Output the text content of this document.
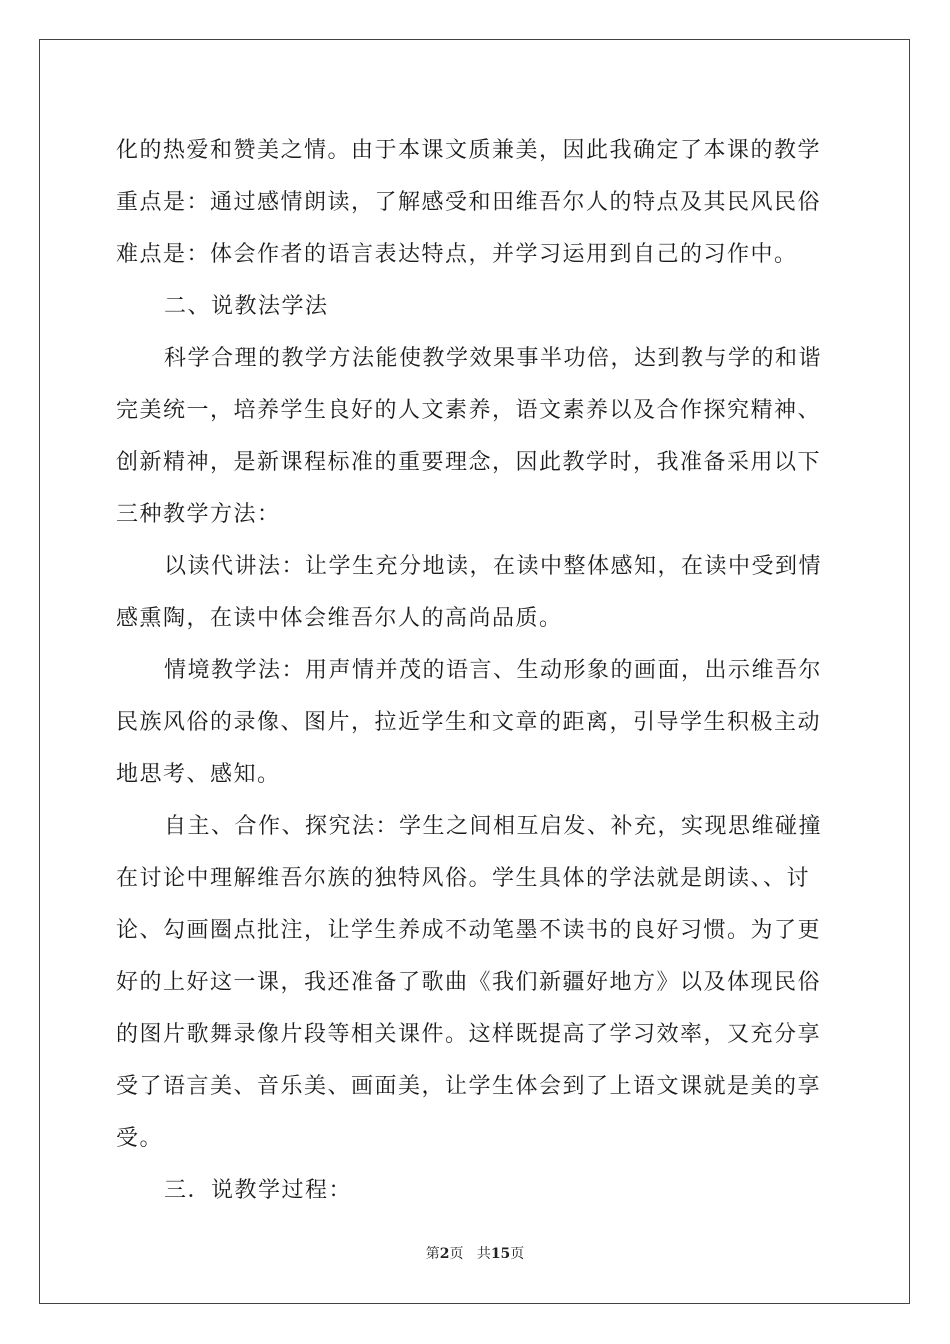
化的热爱和赞美之情。由于本课文质兼美，因此我确定了本课的教学
重点是：通过感情朗读，了解感受和田维吾尔人的特点及其民风民俗
难点是：体会作者的语言表达特点，并学习运用到自己的习作中。
二、说教法学法
科学合理的教学方法能使教学效果事半功倍，达到教与学的和谐
完美统一，培养学生良好的人文素养，语文素养以及合作探究精神、
创新精神，是新课程标准的重要理念，因此教学时，我准备采用以下
三种教学方法：
以读代讲法：让学生充分地读，在读中整体感知，在读中受到情
感熏陶，在读中体会维吾尔人的高尚品质。
情境教学法：用声情并茂的语言、生动形象的画面，出示维吾尔
民族风俗的录像、图片，拉近学生和文章的距离，引导学生积极主动
地思考、感知。
自主、合作、探究法：学生之间相互启发、补充，实现思维碰撞
在讨论中理解维吾尔族的独特风俗。学生具体的学法就是朗读、、讨
论、勾画圈点批注，让学生养成不动笔墨不读书的良好习惯。为了更
好的上好这一课，我还准备了歌曲《我们新疆好地方》以及体现民俗
的图片歌舞录像片段等相关课件。这样既提高了学习效率，又充分享
受了语言美、音乐美、画面美，让学生体会到了上语文课就是美的享
受。
三．说教学过程：
第2页 共15页
